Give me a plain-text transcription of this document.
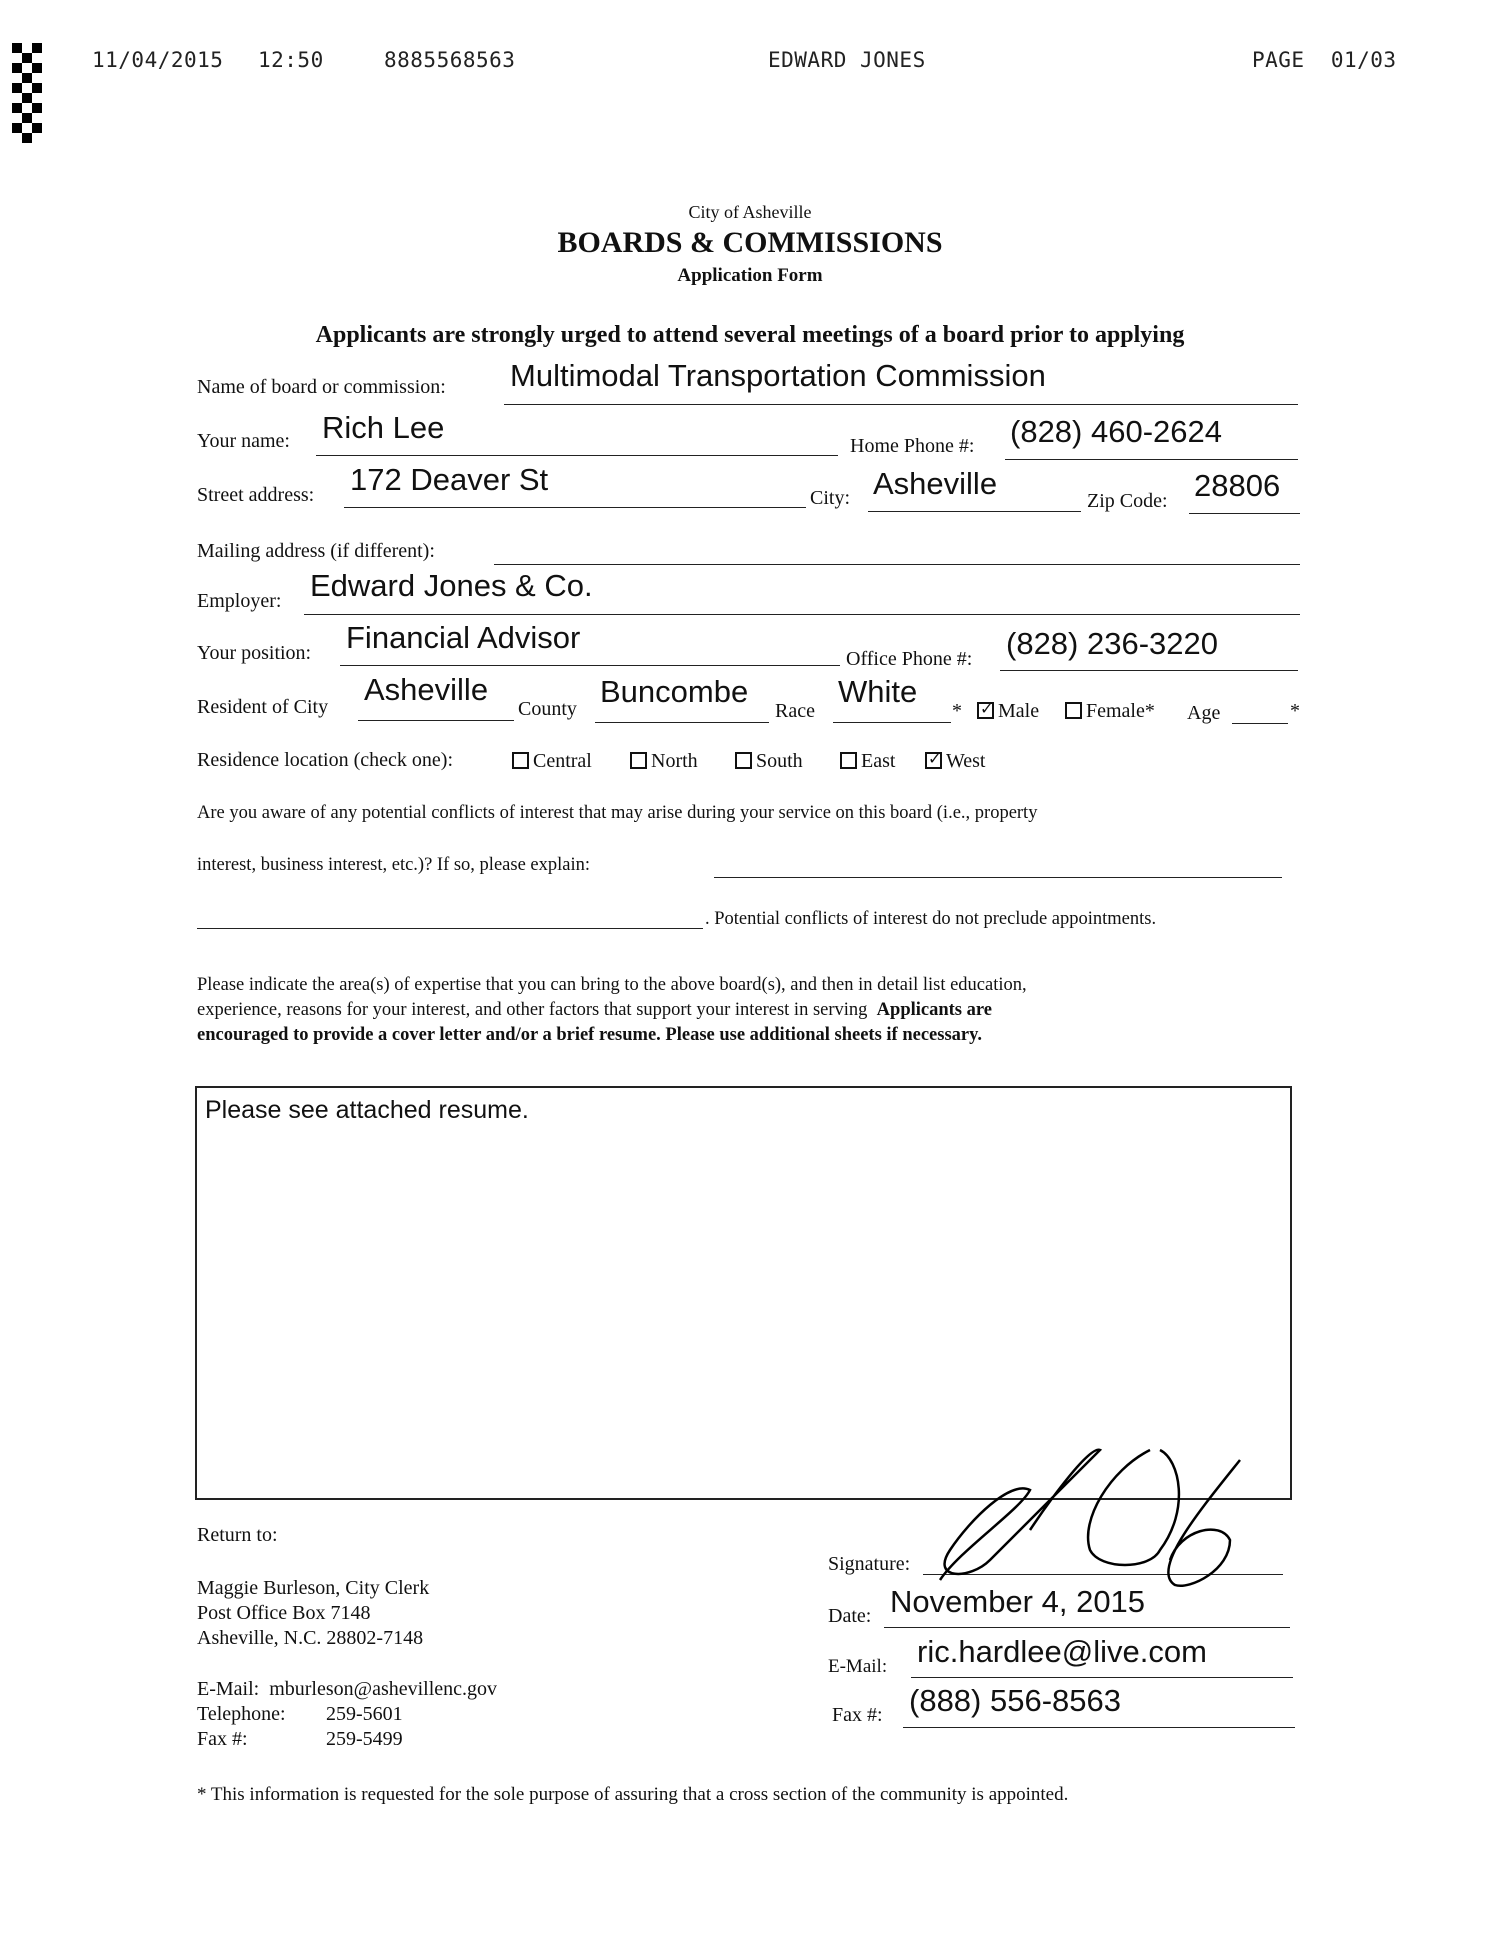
11/04/2015 12:50	8885568563	EDWARD JONES	PAGE  01/03
City of Asheville
BOARDS & COMMISSIONS
Application Form
Applicants are strongly urged to attend several meetings of a board prior to applying
Name of board or commission: Multimodal Transportation Commission
Your name: Rich Lee
Home Phone #: (828) 460-2624
Street address: 172 Deaver St
City: Asheville	Zip Code: 28806
Mailing address (if different):
Employer: Edward Jones & Co.
Your position: Financial Advisor
Office Phone #: (828) 236-3220
Resident of City Asheville
County Buncombe
Race
White
* ✓	Male	Female* Age	*
Residence location (check one):	Central	North	South	East ✓	West
Are you aware of any potential conflicts of interest that may arise during your service on this board (i.e., property
interest, business interest, etc.)? If so, please explain:
. Potential conflicts of interest do not preclude appointments.
Please indicate the area(s) of expertise that you can bring to the above board(s), and then in detail list education,
experience, reasons for your interest, and other factors that support your interest in serving Applicants are
encouraged to provide a cover letter and/or a brief resume. Please use additional sheets if necessary.
Please see attached resume.
Return to:
Maggie Burleson, City Clerk
Post Office Box 7148
Asheville, N.C. 28802-7148
E-Mail: mburleson@ashevillenc.gov
Telephone: 259-5601
Fax #:	259-5499
Signature:
Date: November 4, 2015
E-Mail: ric.hardlee@live.com
Fax #: (888) 556-8563
* This information is requested for the sole purpose of assuring that a cross section of the community is appointed.
